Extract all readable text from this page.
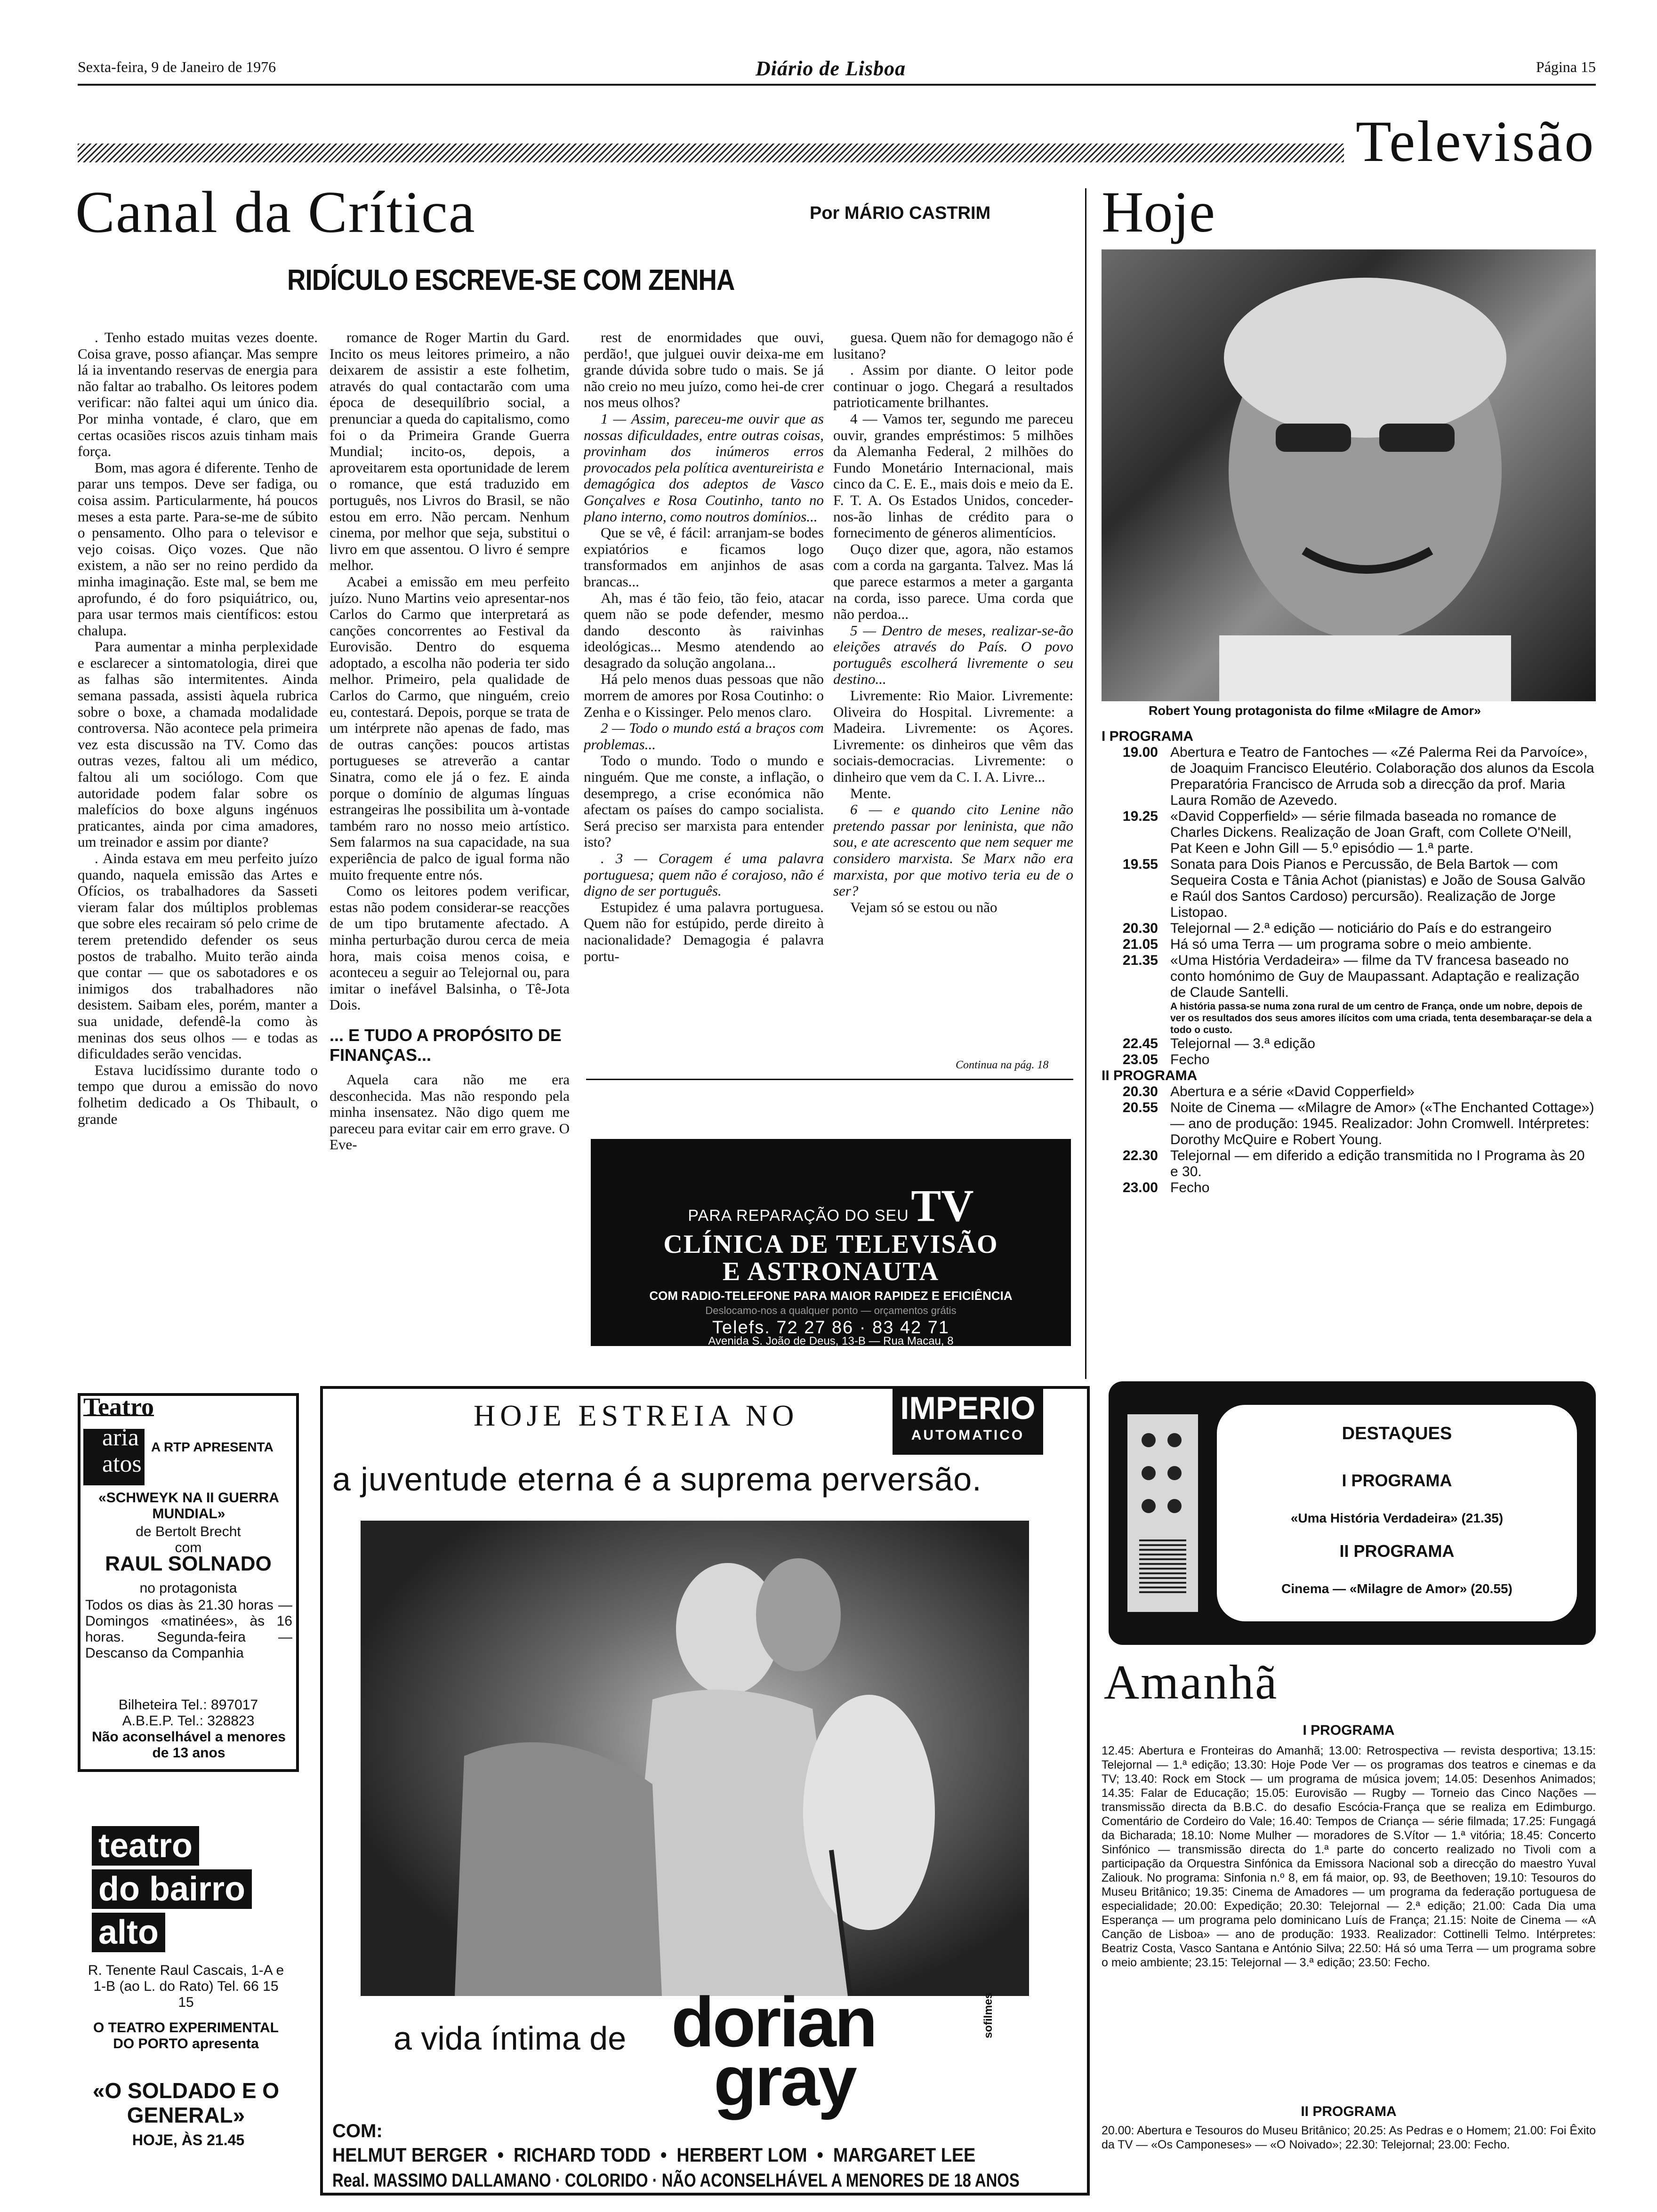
Sexta-feira, 9 de Janeiro de 1976	Diário de Lisboa	Página 15
Televisão
Canal da Crítica	Por MÁRIO CASTRIM
RIDÍCULO ESCREVE-SE COM ZENHA

. Tenho estado muitas vezes doente. Coisa grave, posso afiançar. Mas sempre lá ia inventando reservas de energia para não faltar ao trabalho. Os leitores podem verificar: não faltei aqui um único dia. Por minha vontade, é claro, que em certas ocasiões riscos azuis tinham mais força.

Bom, mas agora é diferente. Tenho de parar uns tempos. Deve ser fadiga, ou coisa assim. Particularmente, há poucos meses a esta parte. Para-se-me de súbito o pensamento. Olho para o televisor e vejo coisas. Oiço vozes. Que não existem, a não ser no reino perdido da minha imaginação. Este mal, se bem me aprofundo, é do foro psiquiátrico, ou, para usar termos mais científicos: estou chalupa.

Para aumentar a minha perplexidade e esclarecer a sintomatologia, direi que as falhas são intermitentes. Ainda semana passada, assisti àquela rubrica sobre o boxe, a chamada modalidade controversa. Não acontece pela primeira vez esta discussão na TV. Como das outras vezes, faltou ali um médico, faltou ali um sociólogo. Com que autoridade podem falar sobre os malefícios do boxe alguns ingénuos praticantes, ainda por cima amadores, um treinador e assim por diante?

. Ainda estava em meu perfeito juízo quando, naquela emissão das Artes e Ofícios, os trabalhadores da Sasseti vieram falar dos múltiplos problemas que sobre eles recairam só pelo crime de terem pretendido defender os seus postos de trabalho. Muito terão ainda que contar — que os sabotadores e os inimigos dos trabalhadores não desistem. Saibam eles, porém, manter a sua unidade, defendê-la como às meninas dos seus olhos — e todas as dificuldades serão vencidas.

Estava lucidíssimo durante todo o tempo que durou a emissão do novo folhetim dedicado a Os Thibault, o grande

romance de Roger Martin du Gard. Incito os meus leitores primeiro, a não deixarem de assistir a este folhetim, através do qual contactarão com uma época de desequilíbrio social, a prenunciar a queda do capitalismo, como foi o da Primeira Grande Guerra Mundial; incito-os, depois, a aproveitarem esta oportunidade de lerem o romance, que está traduzido em português, nos Livros do Brasil, se não estou em erro. Não percam. Nenhum cinema, por melhor que seja, substitui o livro em que assentou. O livro é sempre melhor.

Acabei a emissão em meu perfeito juízo. Nuno Martins veio apresentar-nos Carlos do Carmo que interpretará as canções concorrentes ao Festival da Eurovisão. Dentro do esquema adoptado, a escolha não poderia ter sido melhor. Primeiro, pela qualidade de Carlos do Carmo, que ninguém, creio eu, contestará. Depois, porque se trata de um intérprete não apenas de fado, mas de outras canções: poucos artistas portugueses se atreverão a cantar Sinatra, como ele já o fez. E ainda porque o domínio de algumas línguas estrangeiras lhe possibilita um à-vontade também raro no nosso meio artístico. Sem falarmos na sua capacidade, na sua experiência de palco de igual forma não muito frequente entre nós.

Como os leitores podem verificar, estas não podem considerar-se reacções de um tipo brutamente afectado. A minha perturbação durou cerca de meia hora, mais coisa menos coisa, e aconteceu a seguir ao Telejornal ou, para imitar o inefável Balsinha, o Tê-Jota Dois.

... E TUDO A PROPÓSITO DE FINANÇAS...

Aquela cara não me era desconhecida. Mas não respondo pela minha insensatez. Não digo quem me pareceu para evitar cair em erro grave. O Eve-

rest de enormidades que ouvi, perdão!, que julguei ouvir deixa-me em grande dúvida sobre tudo o mais. Se já não creio no meu juízo, como hei-de crer nos meus olhos?

1 — Assim, pareceu-me ouvir que as nossas dificuldades, entre outras coisas, provinham dos inúmeros erros provocados pela política aventureirista e demagógica dos adeptos de Vasco Gonçalves e Rosa Coutinho, tanto no plano interno, como noutros domínios...

Que se vê, é fácil: arranjam-se bodes expiatórios e ficamos logo transformados em anjinhos de asas brancas...

Ah, mas é tão feio, tão feio, atacar quem não se pode defender, mesmo dando desconto às raivinhas ideológicas... Mesmo atendendo ao desagrado da solução angolana...

Há pelo menos duas pessoas que não morrem de amores por Rosa Coutinho: o Zenha e o Kissinger. Pelo menos claro.

2 — Todo o mundo está a braços com problemas...

Todo o mundo. Todo o mundo e ninguém. Que me conste, a inflação, o desemprego, a crise económica não afectam os países do campo socialista. Será preciso ser marxista para entender isto?

. 3 — Coragem é uma palavra portuguesa; quem não é corajoso, não é digno de ser português.

Estupidez é uma palavra portuguesa. Quem não for estúpido, perde direito à nacionalidade? Demagogia é palavra portu-

guesa. Quem não for demagogo não é lusitano?

. Assim por diante. O leitor pode continuar o jogo. Chegará a resultados patrioticamente brilhantes.

4 — Vamos ter, segundo me pareceu ouvir, grandes empréstimos: 5 milhões da Alemanha Federal, 2 milhões do Fundo Monetário Internacional, mais cinco da C. E. E., mais dois e meio da E. F. T. A. Os Estados Unidos, conceder-nos-ão linhas de crédito para o fornecimento de géneros alimentícios.

Ouço dizer que, agora, não estamos com a corda na garganta. Talvez. Mas lá que parece estarmos a meter a garganta na corda, isso parece. Uma corda que não perdoa...

5 — Dentro de meses, realizar-se-ão eleições através do País. O povo português escolherá livremente o seu destino...

Livremente: Rio Maior. Livremente: Oliveira do Hospital. Livremente: a Madeira. Livremente: os Açores. Livremente: os dinheiros que vêm das sociais-democracias. Livremente: o dinheiro que vem da C. I. A. Livre...

Mente.

6 — e quando cito Lenine não pretendo passar por leninista, que não sou, e ate acrescento que nem sequer me considero marxista. Se Marx não era marxista, por que motivo teria eu de o ser?

Vejam só se estou ou não

Continua na pág. 18
PARA REPARAÇÃO DO SEU TV
CLÍNICA DE TELEVISÃO
E ASTRONAUTA
COM RADIO-TELEFONE PARA MAIOR RAPIDEZ E EFICIÊNCIA
Deslocamo-nos a qualquer ponto — orçamentos grátis
Telefs. 72 27 86 · 83 42 71
Avenida S. João de Deus, 13-B — Rua Macau, 8
Hoje
Robert Young protagonista do filme «Milagre de Amor»
I PROGRAMA
19.00 Abertura e Teatro de Fantoches — «Zé Palerma Rei da Parvoíce», de Joaquim Francisco Eleutério. Colaboração dos alunos da Escola Preparatória Francisco de Arruda sob a direcção da prof. Maria Laura Romão de Azevedo.
19.25 «David Copperfield» — série filmada baseada no romance de Charles Dickens. Realização de Joan Graft, com Collete O'Neill, Pat Keen e John Gill — 5.º episódio — 1.ª parte.
19.55 Sonata para Dois Pianos e Percussão, de Bela Bartok — com Sequeira Costa e Tânia Achot (pianistas) e João de Sousa Galvão e Raúl dos Santos Cardoso) percursão). Realização de Jorge Listopao.
20.30 Telejornal — 2.ª edição — noticiário do País e do estrangeiro
21.05 Há só uma Terra — um programa sobre o meio ambiente.
21.35 «Uma História Verdadeira» — filme da TV francesa baseado no conto homónimo de Guy de Maupassant. Adaptação e realização de Claude Santelli.
A história passa-se numa zona rural de um centro de França, onde um nobre, depois de ver os resultados dos seus amores ilícitos com uma criada, tenta desembaraçar-se dela a todo o custo.
22.45 Telejornal — 3.ª edição
23.05 Fecho
II PROGRAMA
20.30 Abertura e a série «David Copperfield»
20.55 Noite de Cinema — «Milagre de Amor» («The Enchanted Cottage») — ano de produção: 1945. Realizador: John Cromwell. Intérpretes: Dorothy McQuire e Robert Young.
22.30 Telejornal — em diferido a edição transmitida no I Programa às 20 e 30.
23.00 Fecho
DESTAQUES
I PROGRAMA
«Uma História Verdadeira» (21.35)
II PROGRAMA
Cinema — «Milagre de Amor» (20.55)
Amanhã
I PROGRAMA
12.45: Abertura e Fronteiras do Amanhã; 13.00: Retrospectiva — revista desportiva; 13.15: Telejornal — 1.ª edição; 13.30: Hoje Pode Ver — os programas dos teatros e cinemas e da TV; 13.40: Rock em Stock — um programa de música jovem; 14.05: Desenhos Animados; 14.35: Falar de Educação; 15.05: Eurovisão — Rugby — Torneio das Cinco Nações — transmissão directa da B.B.C. do desafio Escócia-França que se realiza em Edimburgo. Comentário de Cordeiro do Vale; 16.40: Tempos de Criança — série filmada; 17.25: Fungagá da Bicharada; 18.10: Nome Mulher — moradores de S.Vítor — 1.ª vitória; 18.45: Concerto Sinfónico — transmissão directa do 1.ª parte do concerto realizado no Tivoli com a participação da Orquestra Sinfónica da Emissora Nacional sob a direcção do maestro Yuval Zaliouk. No programa: Sinfonia n.º 8, em fá maior, op. 93, de Beethoven; 19.10: Tesouros do Museu Britânico; 19.35: Cinema de Amadores — um programa da federação portuguesa de especialidade; 20.00: Expedição; 20.30: Telejornal — 2.ª edição; 21.00: Cada Dia uma Esperança — um programa pelo dominicano Luís de França; 21.15: Noite de Cinema — «A Canção de Lisboa» — ano de produção: 1933. Realizador: Cottinelli Telmo. Intérpretes: Beatriz Costa, Vasco Santana e António Silva; 22.50: Há só uma Terra — um programa sobre o meio ambiente; 23.15: Telejornal — 3.ª edição; 23.50: Fecho.
II PROGRAMA
20.00: Abertura e Tesouros do Museu Britânico; 20.25: As Pedras e o Homem; 21.00: Foi Êxito da TV — «Os Camponeses» — «O Noivado»; 22.30: Telejornal; 23.00: Fecho.
Teatro
aria
atos
A RTP APRESENTA
«SCHWEYK NA II GUERRA MUNDIAL»
de Bertolt Brecht
com
RAUL SOLNADO
no protagonista
Todos os dias às 21.30 horas — Domingos «matinées», às 16 horas. Segunda-feira — Descanso da Companhia
Bilheteira Tel.: 897017
A.B.E.P. Tel.: 328823
Não aconselhável a menores de 13 anos
teatro
do bairro
alto
R. Tenente Raul Cascais, 1-A e 1-B (ao L. do Rato) Tel. 66 15 15
O TEATRO EXPERIMENTAL DO PORTO apresenta
«O SOLDADO E O GENERAL»
HOJE, ÀS 21.45
HOJE ESTREIA NO	IMPERIO
AUTOMATICO
a juventude eterna é a suprema perversão.
a vida íntima de dorian
gray
sofilmes
COM:
HELMUT BERGER  •  RICHARD TODD  •  HERBERT LOM  •  MARGARET LEE
Real. MASSIMO DALLAMANO · COLORIDO · NÃO ACONSELHÁVEL A MENORES DE 18 ANOS
